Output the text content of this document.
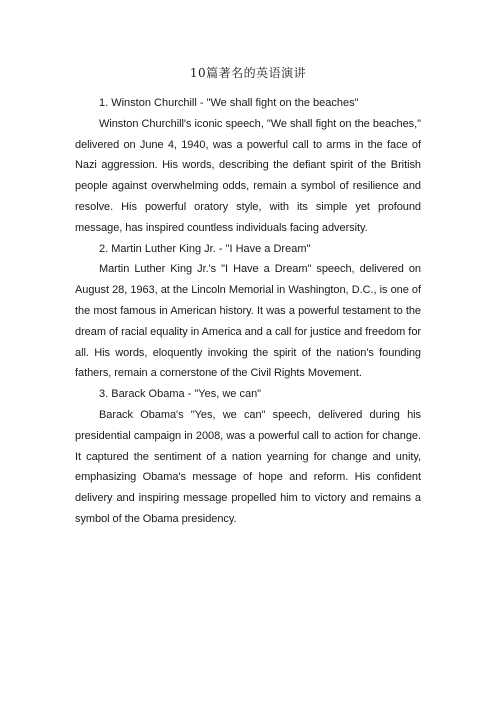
10篇著名的英语演讲

1. Winston Churchill - "We shall fight on the beaches"

Winston Churchill's iconic speech, "We shall fight on the beaches," delivered on June 4, 1940, was a powerful call to arms in the face of Nazi aggression. His words, describing the defiant spirit of the British people against overwhelming odds, remain a symbol of resilience and resolve. His powerful oratory style, with its simple yet profound message, has inspired countless individuals facing adversity.

2. Martin Luther King Jr. - "I Have a Dream"

Martin Luther King Jr.'s "I Have a Dream" speech, delivered on August 28, 1963, at the Lincoln Memorial in Washington, D.C., is one of the most famous in American history. It was a powerful testament to the dream of racial equality in America and a call for justice and freedom for all. His words, eloquently invoking the spirit of the nation's founding fathers, remain a cornerstone of the Civil Rights Movement.

3. Barack Obama - "Yes, we can"

Barack Obama's "Yes, we can" speech, delivered during his presidential campaign in 2008, was a powerful call to action for change. It captured the sentiment of a nation yearning for change and unity, emphasizing Obama's message of hope and reform. His confident delivery and inspiring message propelled him to victory and remains a symbol of the Obama presidency.
